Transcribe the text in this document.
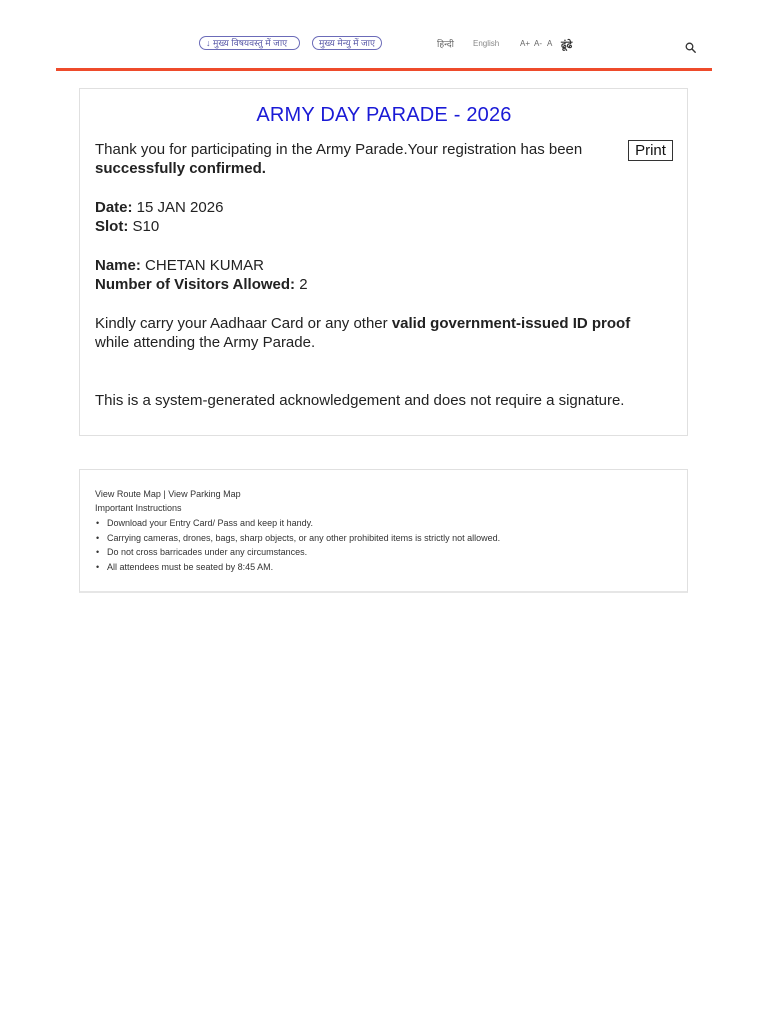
↓ मुख्य विषयवस्तु में जाए	मुख्य मेन्यु में जाए	हिन्दी English	A+ A- A ढूंढे
ARMY DAY PARADE - 2026
Thank you for participating in the Army Parade.Your registration has been	Print
successfully confirmed.
Date: 15 JAN 2026
Slot: S10
Name: CHETAN KUMAR
Number of Visitors Allowed: 2
Kindly carry your Aadhaar Card or any other valid government-issued ID proof
while attending the Army Parade.
This is a system-generated acknowledgement and does not require a signature.
View Route Map | View Parking Map
Important Instructions
• Download your Entry Card/ Pass and keep it handy.
• Carrying cameras, drones, bags, sharp objects, or any other prohibited items is strictly not allowed.
• Do not cross barricades under any circumstances.
• All attendees must be seated by 8:45 AM.
